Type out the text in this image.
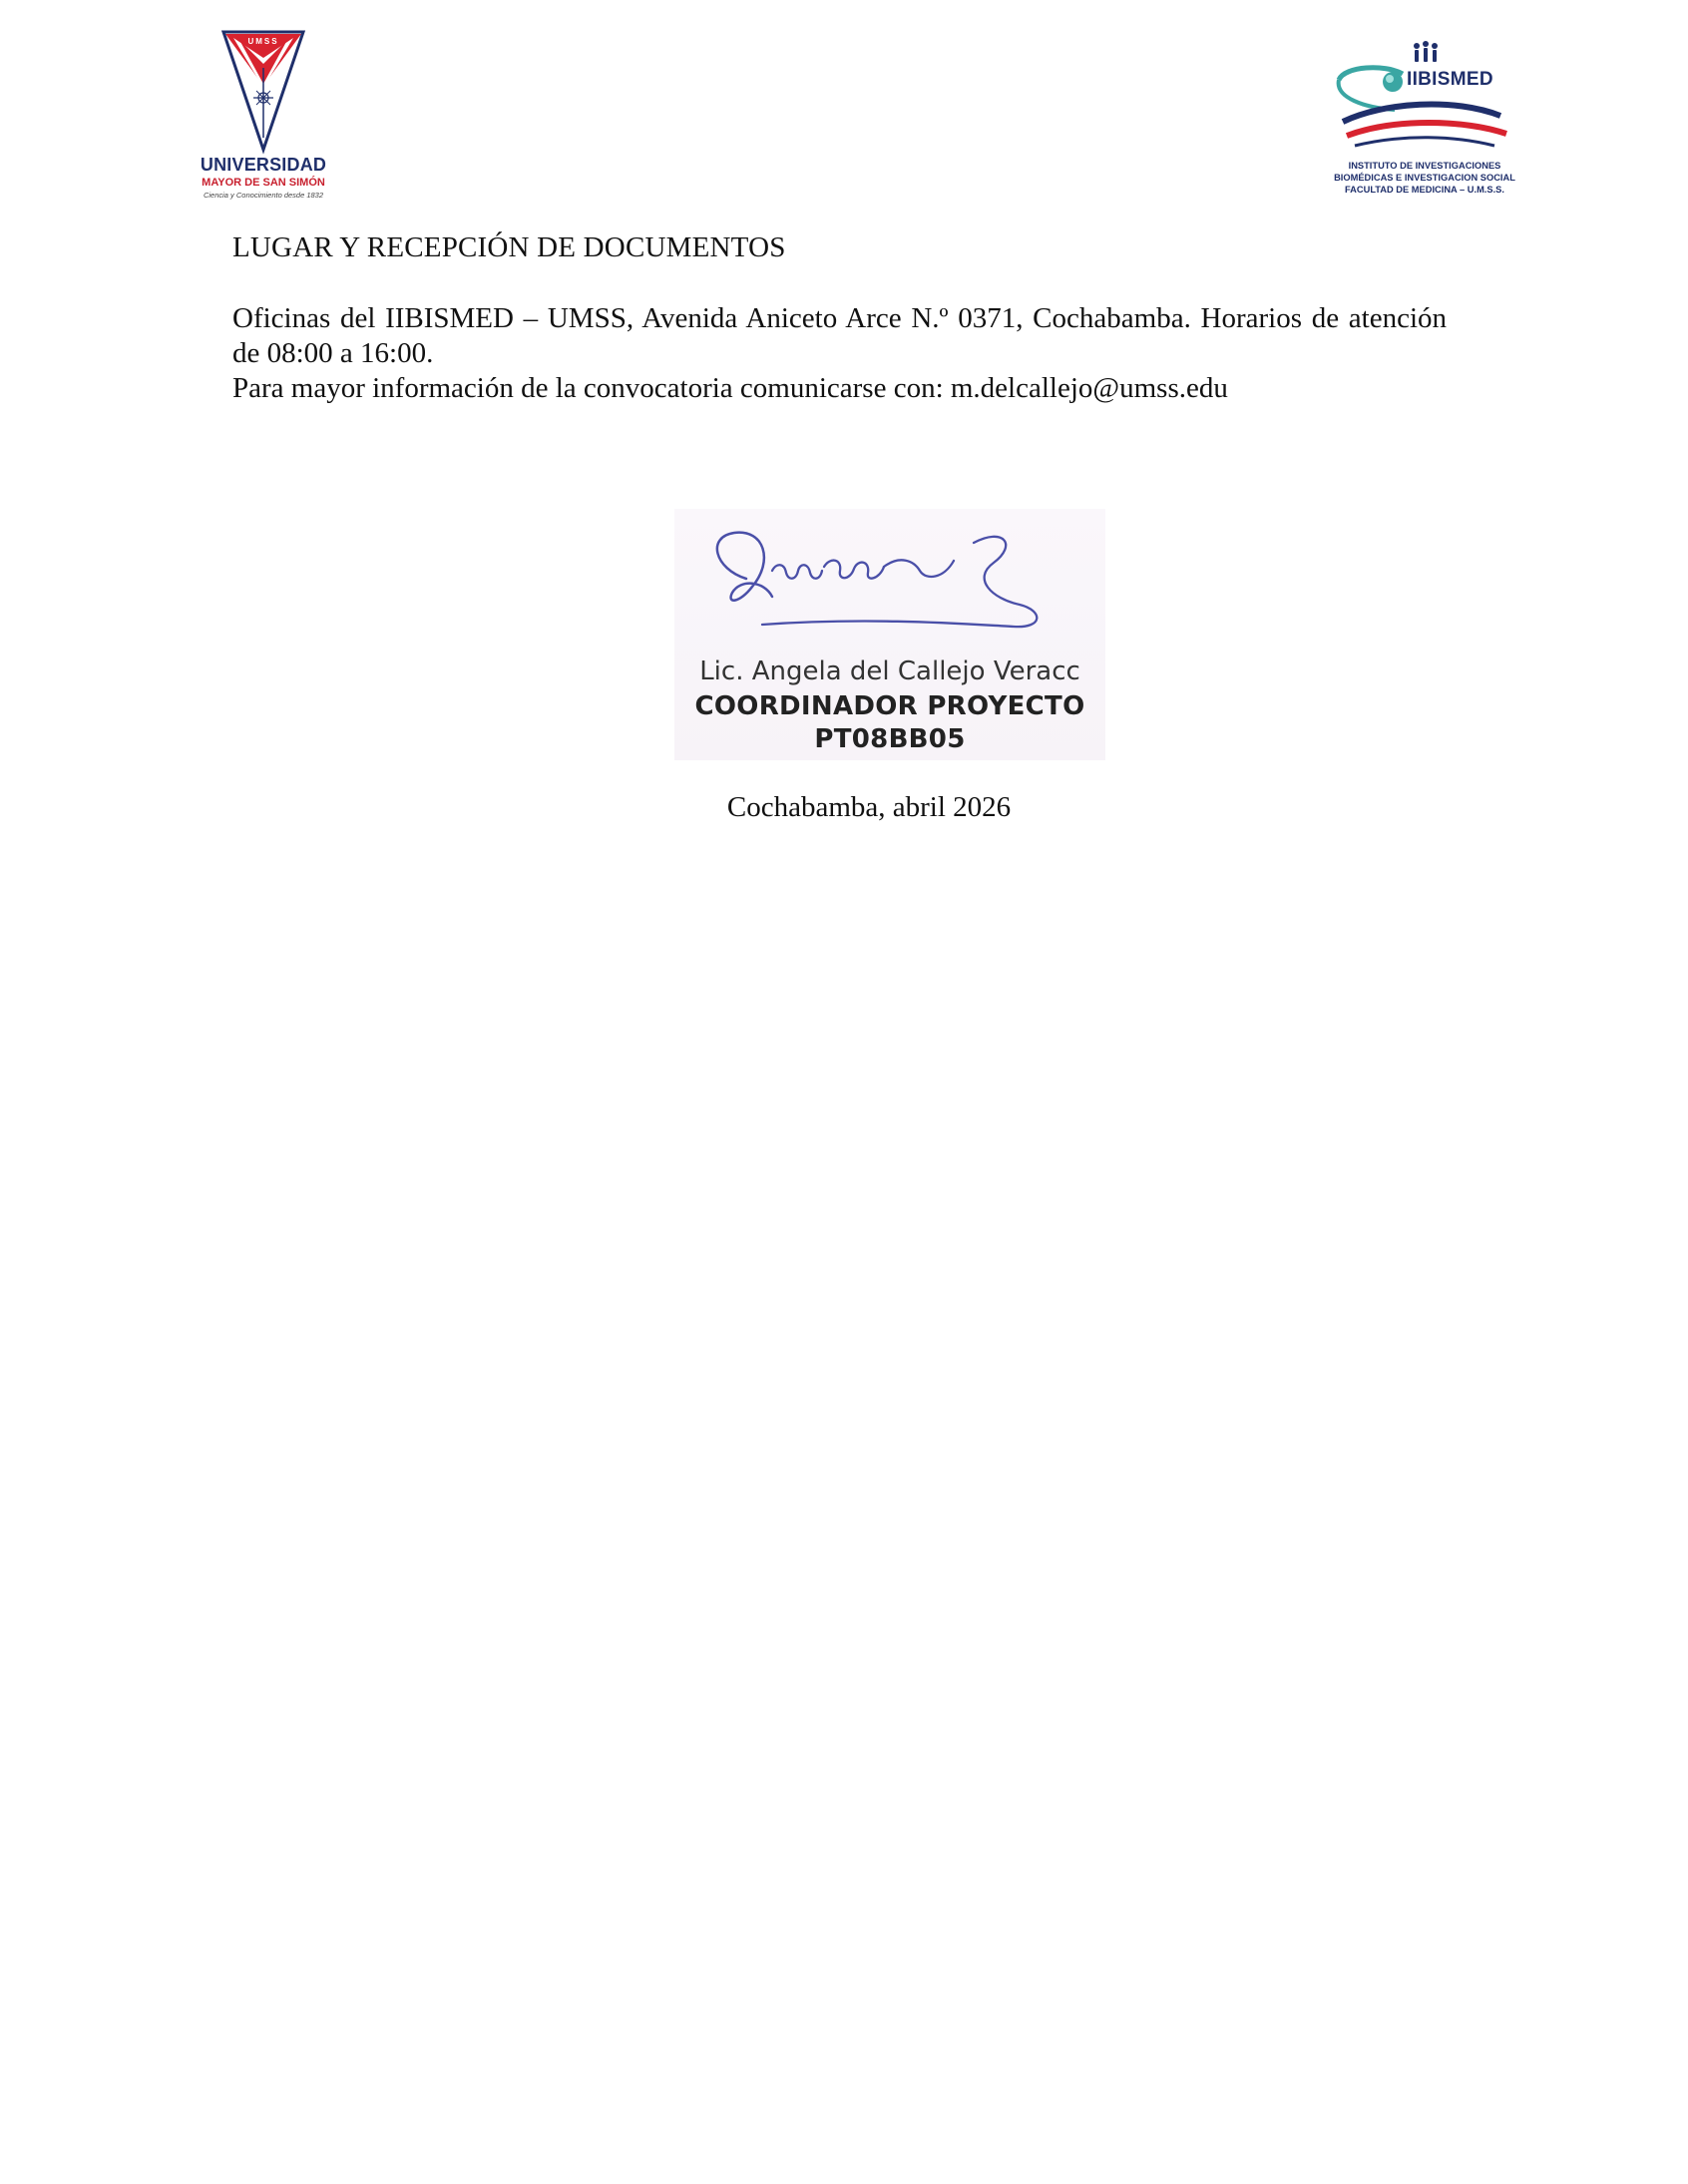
UMSS
UNIVERSIDAD
MAYOR DE SAN SIMÓN
Ciencia y Conocimiento desde 1832
IIBISMED
INSTITUTO DE INVESTIGACIONES
BIOMÉDICAS E INVESTIGACION SOCIAL
FACULTAD DE MEDICINA – U.M.S.S.
LUGAR Y RECEPCIÓN DE DOCUMENTOS
Oficinas del IIBISMED – UMSS, Avenida Aniceto Arce N.º 0371, Cochabamba. Horarios de atención de 08:00 a 16:00.
Para mayor información de la convocatoria comunicarse con: m.delcallejo@umss.edu
Lic. Angela del Callejo Veracc
COORDINADOR PROYECTO
PT08BB05
Cochabamba, abril 2026
